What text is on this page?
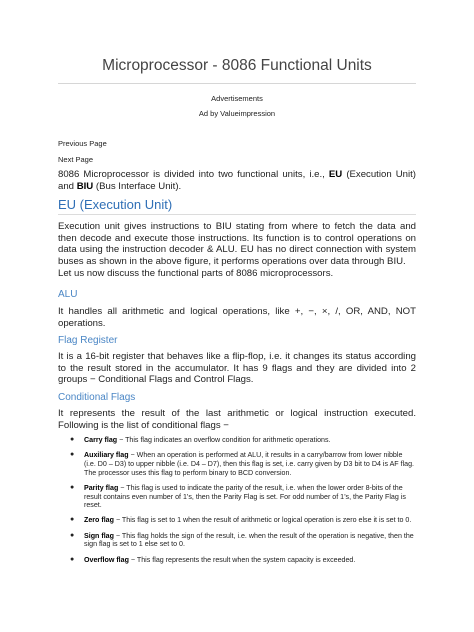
Microprocessor - 8086 Functional Units
Advertisements
Ad by Valueimpression
Previous Page
Next Page

8086 Microprocessor is divided into two functional units, i.e., EU (Execution Unit) and BIU (Bus Interface Unit).

EU (Execution Unit)

Execution unit gives instructions to BIU stating from where to fetch the data and then decode and execute those instructions. Its function is to control operations on data using the instruction decoder & ALU. EU has no direct connection with system buses as shown in the above figure, it performs operations over data through BIU.

Let us now discuss the functional parts of 8086 microprocessors.

ALU

It handles all arithmetic and logical operations, like +, −, ×, /, OR, AND, NOT operations.

Flag Register

It is a 16-bit register that behaves like a flip-flop, i.e. it changes its status according to the result stored in the accumulator. It has 9 flags and they are divided into 2 groups − Conditional Flags and Control Flags.

Conditional Flags

It represents the result of the last arithmetic or logical instruction executed. Following is the list of conditional flags −

● Carry flag − This flag indicates an overflow condition for arithmetic operations.
● Auxiliary flag − When an operation is performed at ALU, it results in a carry/barrow from lower nibble (i.e. D0 – D3) to upper nibble (i.e. D4 – D7), then this flag is set, i.e. carry given by D3 bit to D4 is AF flag. The processor uses this flag to perform binary to BCD conversion.
● Parity flag − This flag is used to indicate the parity of the result, i.e. when the lower order 8-bits of the result contains even number of 1’s, then the Parity Flag is set. For odd number of 1’s, the Parity Flag is reset.
● Zero flag − This flag is set to 1 when the result of arithmetic or logical operation is zero else it is set to 0.
● Sign flag − This flag holds the sign of the result, i.e. when the result of the operation is negative, then the sign flag is set to 1 else set to 0.
● Overflow flag − This flag represents the result when the system capacity is exceeded.
